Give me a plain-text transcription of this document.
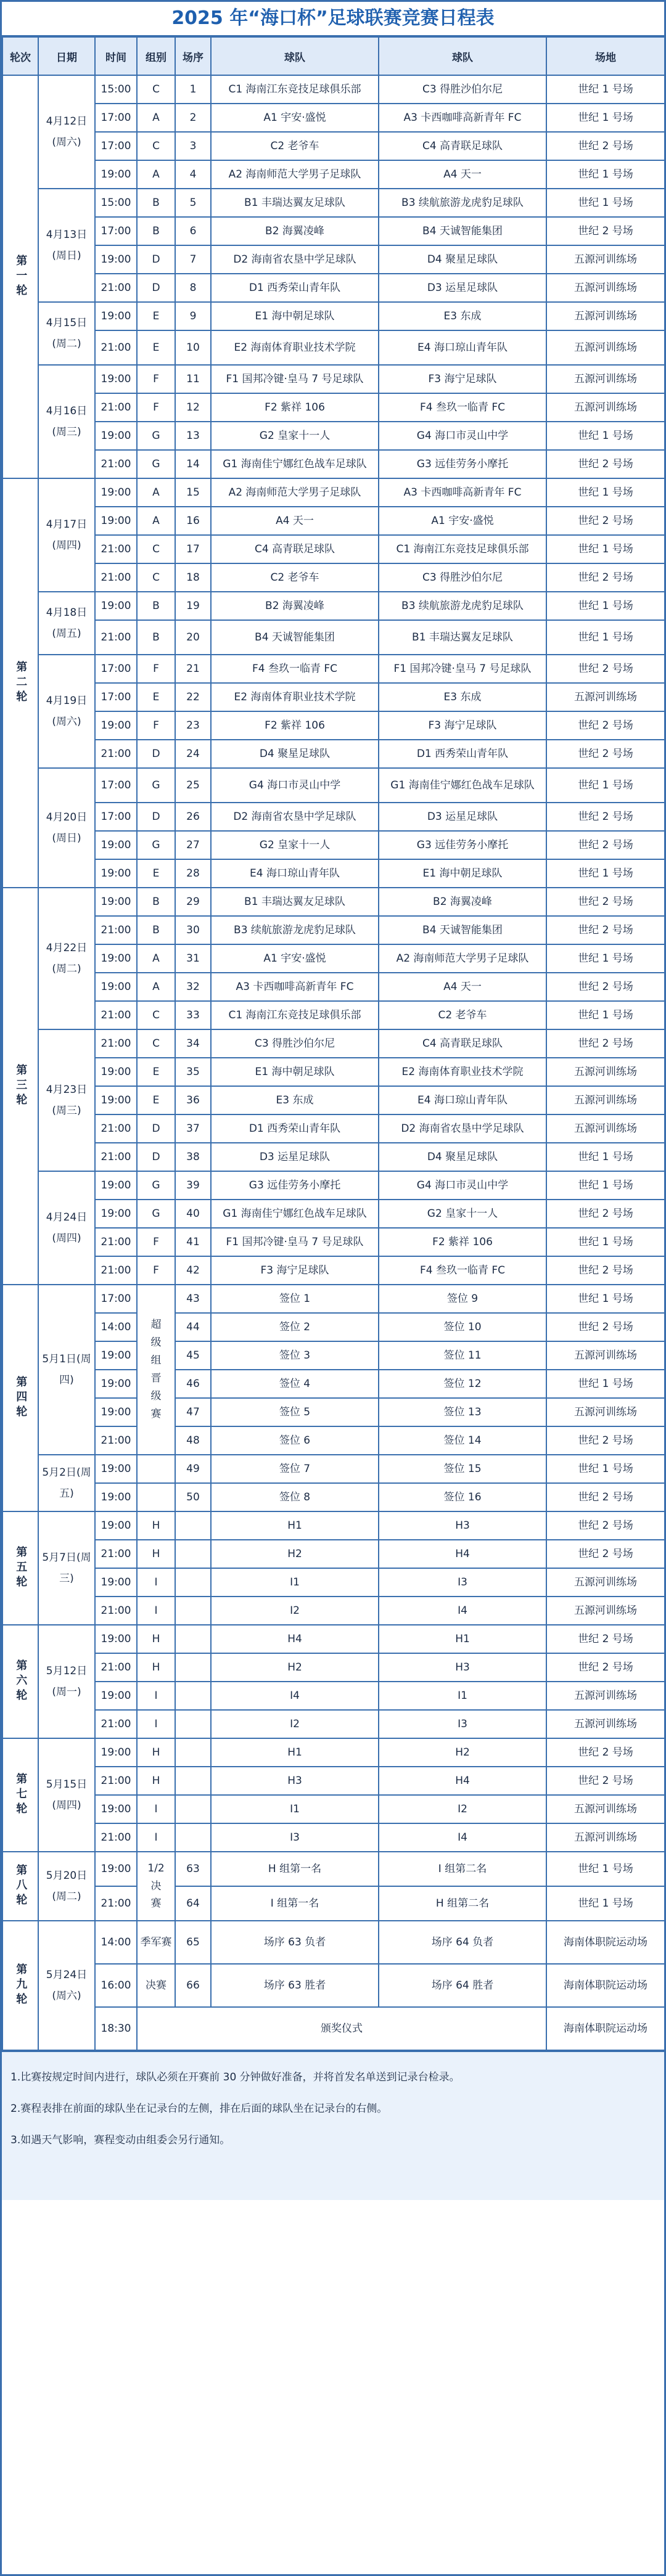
2025 年“海口杯”足球联赛竞赛日程表
轮次	日期	时间	组别	场序	球队	球队	场地
第一轮	4月12日(周六)	15:00	C	1	C1 海南江东竞技足球俱乐部	C3 得胜沙伯尔尼	世纪 1 号场
		17:00	A	2	A1 宇安·盛悦	A3 卡西咖啡高新青年 FC	世纪 1 号场
		17:00	C	3	C2 老爷车	C4 高青联足球队	世纪 2 号场
		19:00	A	4	A2 海南师范大学男子足球队	A4 天一	世纪 1 号场
	4月13日(周日)	15:00	B	5	B1 丰瑞达翼友足球队	B3 续航旅游龙虎豹足球队	世纪 1 号场
		17:00	B	6	B2 海翼凌峰	B4 天诚智能集团	世纪 2 号场
		19:00	D	7	D2 海南省农垦中学足球队	D4 聚星足球队	五源河训练场
		21:00	D	8	D1 西秀荣山青年队	D3 运星足球队	五源河训练场
	4月15日(周二)	19:00	E	9	E1 海中朝足球队	E3 东成	五源河训练场
		21:00	E	10	E2 海南体育职业技术学院	E4 海口琼山青年队	五源河训练场
	4月16日(周三)	19:00	F	11	F1 国邦冷键·皇马 7 号足球队	F3 海宁足球队	五源河训练场
		21:00	F	12	F2 紫祥 106	F4 叁玖一临青 FC	五源河训练场
		19:00	G	13	G2 皇家十一人	G4 海口市灵山中学	世纪 1 号场
		21:00	G	14	G1 海南佳宁娜红色战车足球队	G3 远佳劳务小摩托	世纪 2 号场
第二轮	4月17日(周四)	19:00	A	15	A2 海南师范大学男子足球队	A3 卡西咖啡高新青年 FC	世纪 1 号场
		19:00	A	16	A4 天一	A1 宇安·盛悦	世纪 2 号场
		21:00	C	17	C4 高青联足球队	C1 海南江东竞技足球俱乐部	世纪 1 号场
		21:00	C	18	C2 老爷车	C3 得胜沙伯尔尼	世纪 2 号场
	4月18日(周五)	19:00	B	19	B2 海翼凌峰	B3 续航旅游龙虎豹足球队	世纪 1 号场
		21:00	B	20	B4 天诚智能集团	B1 丰瑞达翼友足球队	世纪 1 号场
	4月19日(周六)	17:00	F	21	F4 叁玖一临青 FC	F1 国邦冷键·皇马 7 号足球队	世纪 2 号场
		17:00	E	22	E2 海南体育职业技术学院	E3 东成	五源河训练场
		19:00	F	23	F2 紫祥 106	F3 海宁足球队	世纪 2 号场
		21:00	D	24	D4 聚星足球队	D1 西秀荣山青年队	世纪 2 号场
	4月20日(周日)	17:00	G	25	G4 海口市灵山中学	G1 海南佳宁娜红色战车足球队	世纪 1 号场
		17:00	D	26	D2 海南省农垦中学足球队	D3 运星足球队	世纪 2 号场
		19:00	G	27	G2 皇家十一人	G3 远佳劳务小摩托	世纪 2 号场
		19:00	E	28	E4 海口琼山青年队	E1 海中朝足球队	世纪 1 号场
第三轮	4月22日(周二)	19:00	B	29	B1 丰瑞达翼友足球队	B2 海翼凌峰	世纪 2 号场
		21:00	B	30	B3 续航旅游龙虎豹足球队	B4 天诚智能集团	世纪 2 号场
		19:00	A	31	A1 宇安·盛悦	A2 海南师范大学男子足球队	世纪 1 号场
		19:00	A	32	A3 卡西咖啡高新青年 FC	A4 天一	世纪 2 号场
		21:00	C	33	C1 海南江东竞技足球俱乐部	C2 老爷车	世纪 1 号场
	4月23日(周三)	21:00	C	34	C3 得胜沙伯尔尼	C4 高青联足球队	世纪 2 号场
		19:00	E	35	E1 海中朝足球队	E2 海南体育职业技术学院	五源河训练场
		19:00	E	36	E3 东成	E4 海口琼山青年队	五源河训练场
		21:00	D	37	D1 西秀荣山青年队	D2 海南省农垦中学足球队	五源河训练场
		21:00	D	38	D3 运星足球队	D4 聚星足球队	世纪 1 号场
	4月24日(周四)	19:00	G	39	G3 远佳劳务小摩托	G4 海口市灵山中学	世纪 1 号场
		19:00	G	40	G1 海南佳宁娜红色战车足球队	G2 皇家十一人	世纪 2 号场
		21:00	F	41	F1 国邦冷键·皇马 7 号足球队	F2 紫祥 106	世纪 1 号场
		21:00	F	42	F3 海宁足球队	F4 叁玖一临青 FC	世纪 2 号场
第四轮	5月1日(周四)	17:00	超级组晋级赛	43	签位 1	签位 9	世纪 1 号场
		14:00		44	签位 2	签位 10	世纪 2 号场
		19:00		45	签位 3	签位 11	五源河训练场
		19:00		46	签位 4	签位 12	世纪 1 号场
		19:00		47	签位 5	签位 13	五源河训练场
		21:00		48	签位 6	签位 14	世纪 2 号场
	5月2日(周五)	19:00		49	签位 7	签位 15	世纪 1 号场
		19:00		50	签位 8	签位 16	世纪 2 号场
第五轮	5月7日(周三)	19:00	H		H1	H3	世纪 2 号场
		21:00	H		H2	H4	世纪 2 号场
		19:00	I		I1	I3	五源河训练场
		21:00	I		I2	I4	五源河训练场
第六轮	5月12日(周一)	19:00	H		H4	H1	世纪 2 号场
		21:00	H		H2	H3	世纪 2 号场
		19:00	I		I4	I1	五源河训练场
		21:00	I		I2	I3	五源河训练场
第七轮	5月15日(周四)	19:00	H		H1	H2	世纪 2 号场
		21:00	H		H3	H4	世纪 2 号场
		19:00	I		I1	I2	五源河训练场
		21:00	I		I3	I4	五源河训练场
第八轮	5月20日(周二)	19:00	1/2 决赛	63	H 组第一名	I 组第二名	世纪 1 号场
		21:00		64	I 组第一名	H 组第二名	世纪 1 号场
第九轮	5月24日(周六)	14:00	季军赛	65	场序 63 负者	场序 64 负者	海南体职院运动场
		16:00	决赛	66	场序 63 胜者	场序 64 胜者	海南体职院运动场
		18:30	颁奖仪式				海南体职院运动场
1.比赛按规定时间内进行，球队必须在开赛前 30 分钟做好准备，并将首发名单送到记录台检录。
2.赛程表排在前面的球队坐在记录台的左侧，排在后面的球队坐在记录台的右侧。
3.如遇天气影响，赛程变动由组委会另行通知。
